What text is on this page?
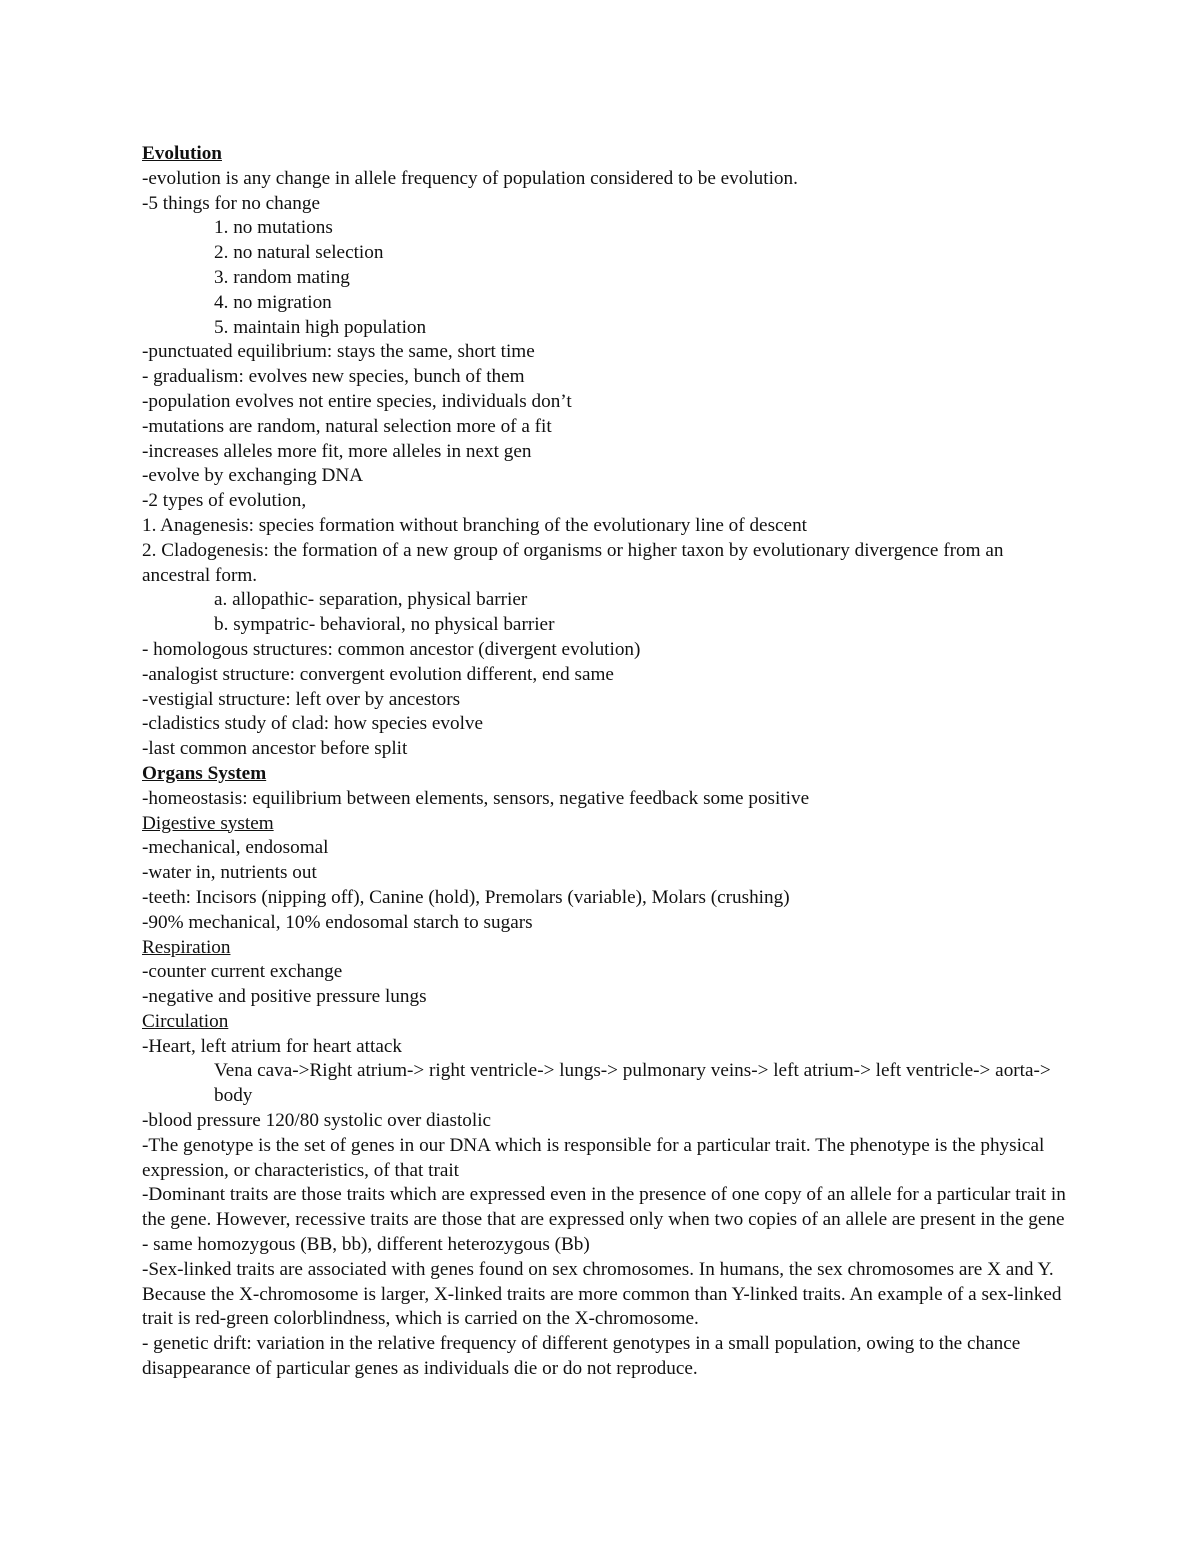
Evolution
-evolution is any change in allele frequency of population considered to be evolution.
-5 things for no change
1. no mutations
2. no natural selection
3. random mating
4. no migration
5. maintain high population
-punctuated equilibrium: stays the same, short time
- gradualism: evolves new species, bunch of them
-population evolves not entire species, individuals don’t
-mutations are random, natural selection more of a fit
-increases alleles more fit, more alleles in next gen
-evolve by exchanging DNA
-2 types of evolution,
1. Anagenesis: species formation without branching of the evolutionary line of descent
2. Cladogenesis: the formation of a new group of organisms or higher taxon by evolutionary divergence from an ancestral form.
a. allopathic- separation, physical barrier
b. sympatric- behavioral, no physical barrier
- homologous structures: common ancestor (divergent evolution)
-analogist structure: convergent evolution different, end same
-vestigial structure: left over by ancestors
-cladistics study of clad: how species evolve
-last common ancestor before split
Organs System
-homeostasis: equilibrium between elements, sensors, negative feedback some positive
Digestive system
-mechanical, endosomal
-water in, nutrients out
-teeth: Incisors (nipping off), Canine (hold), Premolars (variable), Molars (crushing)
-90% mechanical, 10% endosomal starch to sugars
Respiration
-counter current exchange
-negative and positive pressure lungs
Circulation
-Heart, left atrium for heart attack
Vena cava->Right atrium-> right ventricle-> lungs-> pulmonary veins-> left atrium-> left ventricle-> aorta-> body
-blood pressure 120/80 systolic over diastolic
-The genotype is the set of genes in our DNA which is responsible for a particular trait. The phenotype is the physical expression, or characteristics, of that trait
-Dominant traits are those traits which are expressed even in the presence of one copy of an allele for a particular trait in the gene. However, recessive traits are those that are expressed only when two copies of an allele are present in the gene
- same homozygous (BB, bb), different heterozygous (Bb)
-Sex-linked traits are associated with genes found on sex chromosomes. In humans, the sex chromosomes are X and Y. Because the X-chromosome is larger, X-linked traits are more common than Y-linked traits. An example of a sex-linked trait is red-green colorblindness, which is carried on the X-chromosome.
- genetic drift: variation in the relative frequency of different genotypes in a small population, owing to the chance disappearance of particular genes as individuals die or do not reproduce.
